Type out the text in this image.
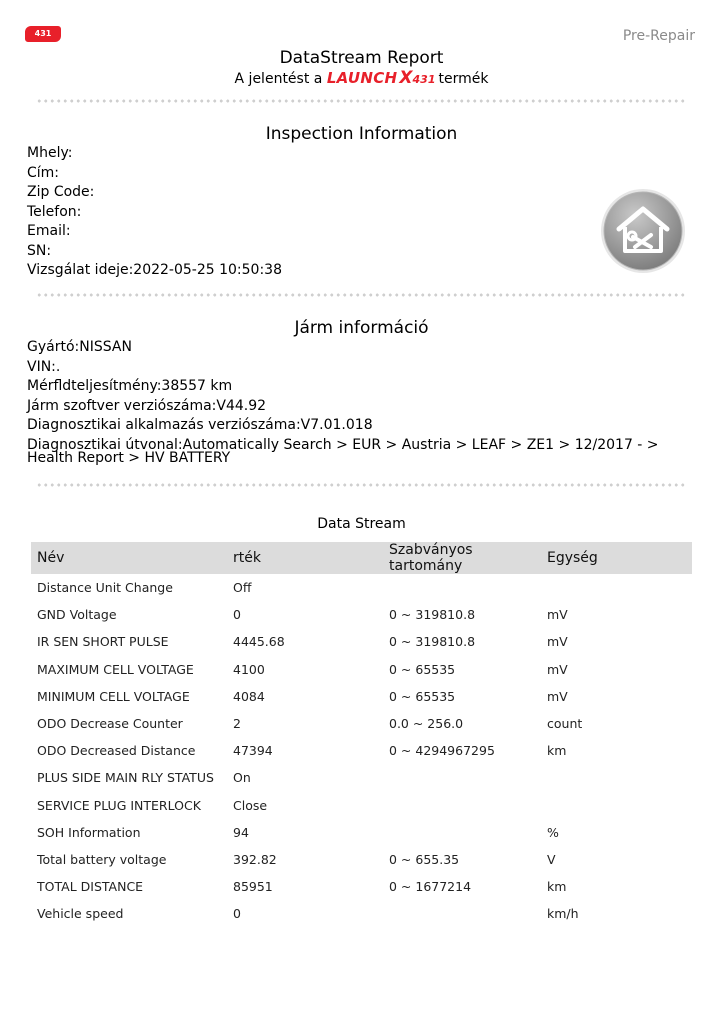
431	Pre-Repair
DataStream Report
A jelentést a LAUNCH X431 termék
Inspection Information
Mhely:
Cím:
Zip Code:
Telefon:
Email:
SN:
Vizsgálat ideje:2022-05-25 10:50:38
Járm információ
Gyártó:NISSAN
VIN:.
Mérfldteljesítmény:38557 km
Járm szoftver verziószáma:V44.92
Diagnosztikai alkalmazás verziószáma:V7.01.018
Diagnosztikai útvonal:Automatically Search > EUR > Austria > LEAF > ZE1 > 12/2017 - > Health Report > HV BATTERY
Data Stream
Név	rték	Szabványos tartomány	Egység
Distance Unit Change	Off		
GND Voltage	0	0 ~ 319810.8	mV
IR SEN SHORT PULSE	4445.68	0 ~ 319810.8	mV
MAXIMUM CELL VOLTAGE	4100	0 ~ 65535	mV
MINIMUM CELL VOLTAGE	4084	0 ~ 65535	mV
ODO Decrease Counter	2	0.0 ~ 256.0	count
ODO Decreased Distance	47394	0 ~ 4294967295	km
PLUS SIDE MAIN RLY STATUS	On		
SERVICE PLUG INTERLOCK	Close		
SOH Information	94		%
Total battery voltage	392.82	0 ~ 655.35	V
TOTAL DISTANCE	85951	0 ~ 1677214	km
Vehicle speed	0		km/h
